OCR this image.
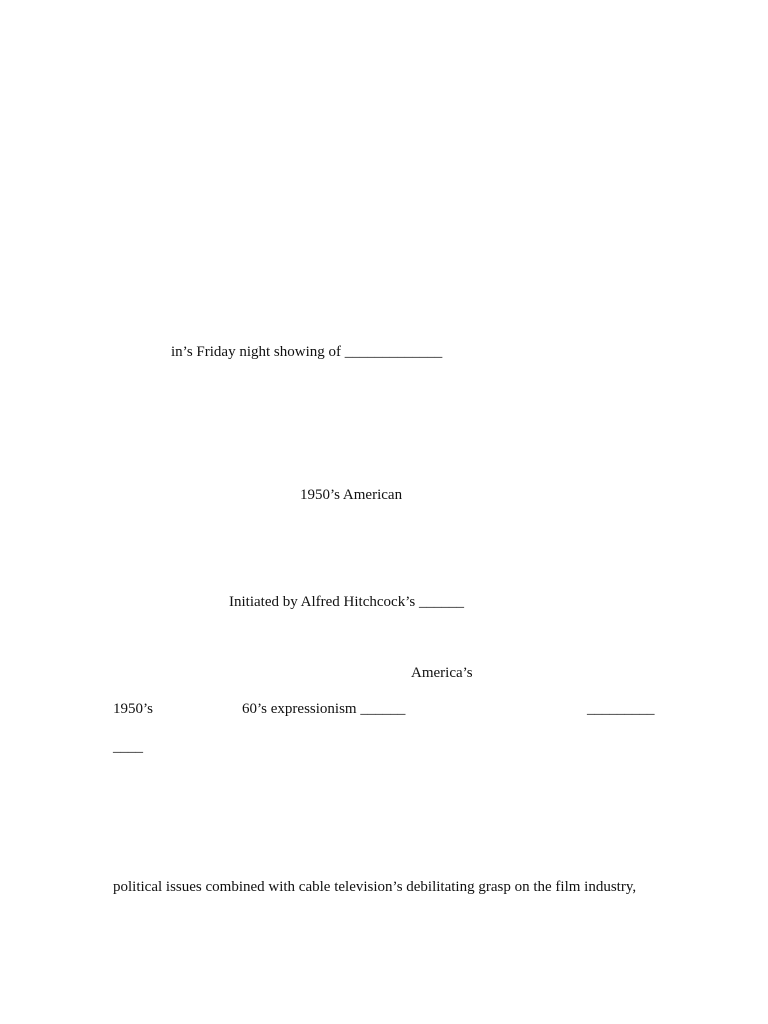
in’s Friday night showing of _____________
1950’s American
Initiated by Alfred Hitchcock’s ______
America’s
1950’s	60’s expressionism ______	_________
____
political issues combined with cable television’s debilitating grasp on the film industry,
